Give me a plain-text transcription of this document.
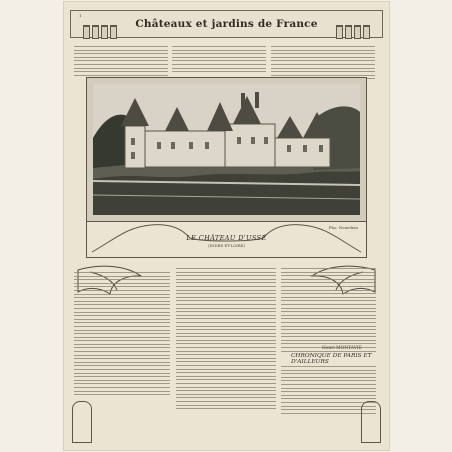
1
Châteaux et jardins de France
Pho. Neurdein
LE CHÂTEAU D'USSÉ
(INDRE-ET-LOIRE)
Henri MONTAVIE
CHRONIQUE DE PARIS ET D'AILLEURS
